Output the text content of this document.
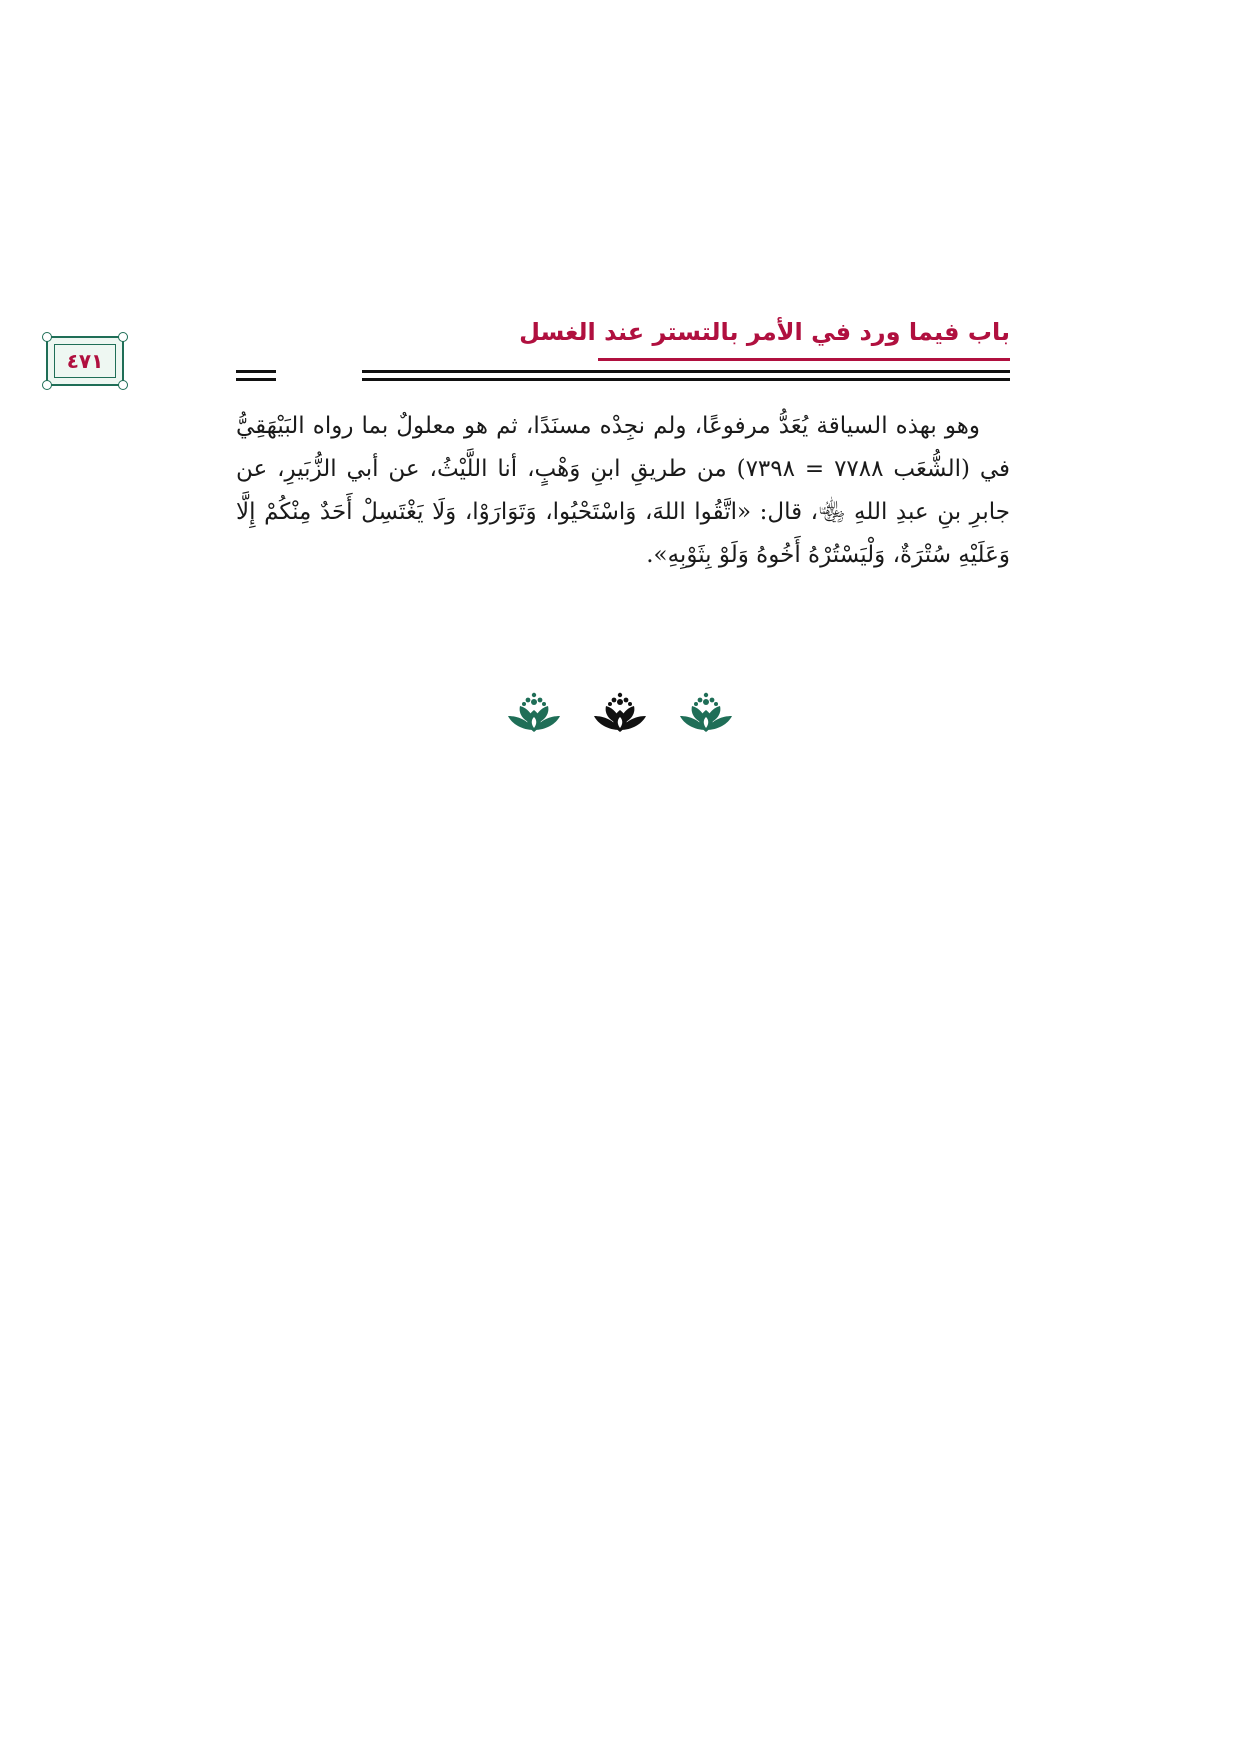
باب فيما ورد في الأمر بالتستر عند الغسل
٤٧١

وهو بهذه السياقة يُعَدُّ مرفوعًا، ولم نجِدْه مسنَدًا، ثم هو معلولٌ بما رواه البَيْهَقِيُّ في (الشُّعَب ٧٧٨٨ = ٧٣٩٨) من طريقِ ابنِ وَهْبٍ، أنا اللَّيْثُ، عن أبي الزُّبَيرِ، عن جابرِ بنِ عبدِ اللهِ ﵄، قال: «اتَّقُوا اللهَ، وَاسْتَحْيُوا، وَتَوَارَوْا، وَلَا يَغْتَسِلْ أَحَدٌ مِنْكُمْ إِلَّا وَعَلَيْهِ سُتْرَةٌ، وَلْيَسْتُرْهُ أَخُوهُ وَلَوْ بِثَوْبِهِ».
